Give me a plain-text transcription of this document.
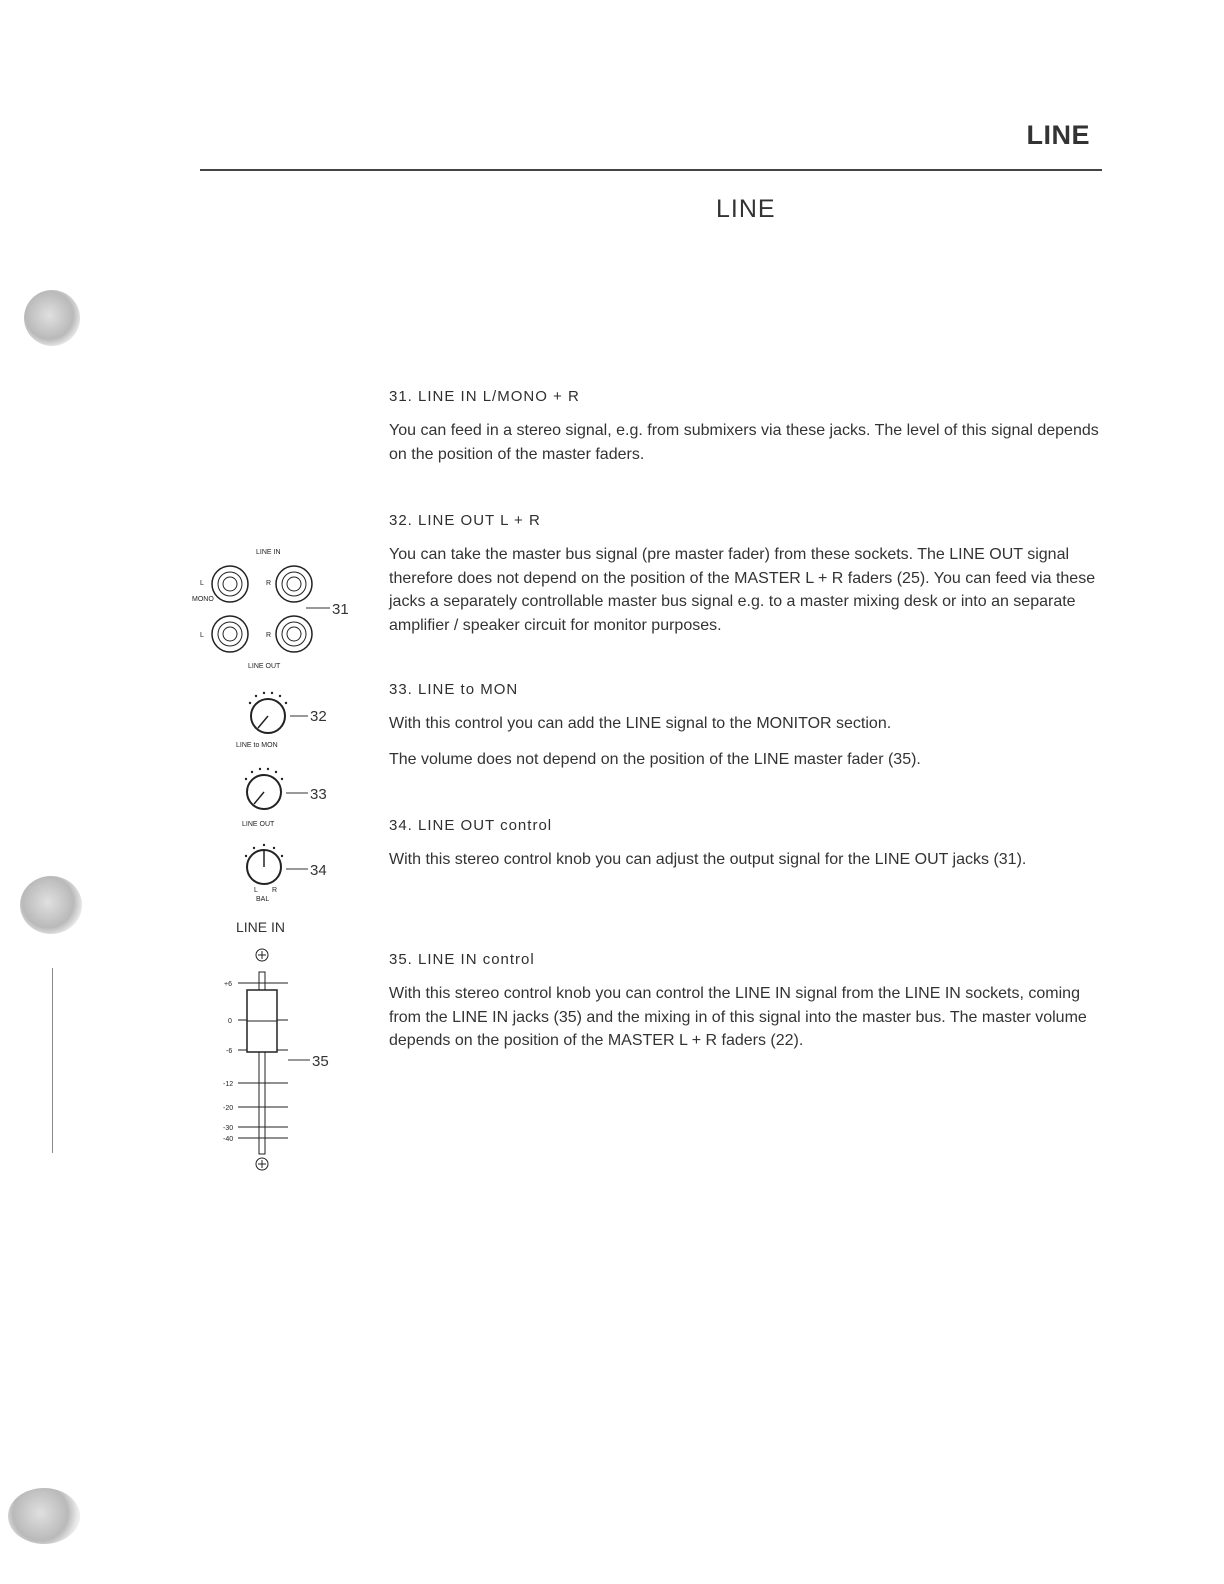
LINE
LINE
31. LINE IN L/MONO + R

You can feed in a stereo signal, e.g. from submixers via these jacks. The level of this signal depends on the position of the master faders.

32. LINE OUT L + R

You can take the master bus signal (pre master fader) from these sockets. The LINE OUT signal therefore does not depend on the position of the MASTER L + R faders (25). You can feed via these jacks a separately controllable master bus signal e.g. to a master mixing desk or into an separate amplifier / speaker circuit for monitor purposes.

33. LINE to MON

With this control you can add the LINE signal to the MONITOR section.

The volume does not depend on the position of the LINE master fader (35).

34. LINE OUT control

With this stereo control knob you can adjust the output signal for the LINE OUT jacks (31).

35. LINE IN control

With this stereo control knob you can control the LINE IN signal from the LINE IN sockets, coming from the LINE IN jacks (35) and the mixing in of this signal into the master bus. The master volume depends on the position of the MASTER L + R faders (22).

LINE IN
L
MONO
R
31
L	R
LINE OUT
32
LINE to MON
33
LINE OUT
34
L R
BAL
LINE IN
+6
0
-6
-12
-20
-30
-40
35
